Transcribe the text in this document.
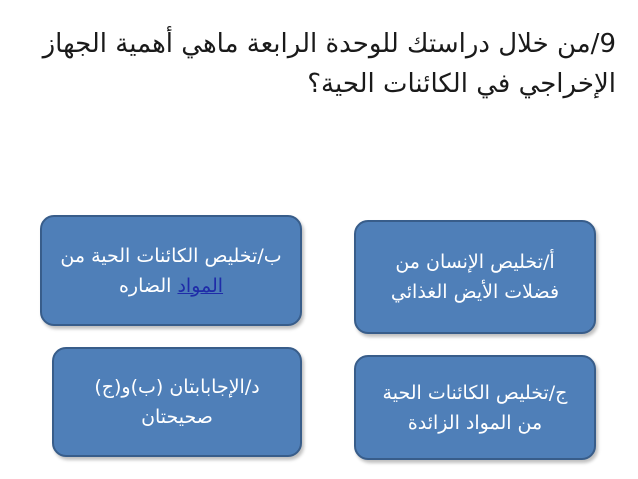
9/من خلال دراستك للوحدة الرابعة ماهي أهمية الجهاز الإخراجي في الكائنات الحية؟
أ/تخليص الإنسان من
فضلات الأيض الغذائي
ب/تخليص الكائنات الحية من
المواد الضاره
ج/تخليص الكائنات الحية
من المواد الزائدة
د/الإجابابتان (ب)و(ج)
صحيحتان
